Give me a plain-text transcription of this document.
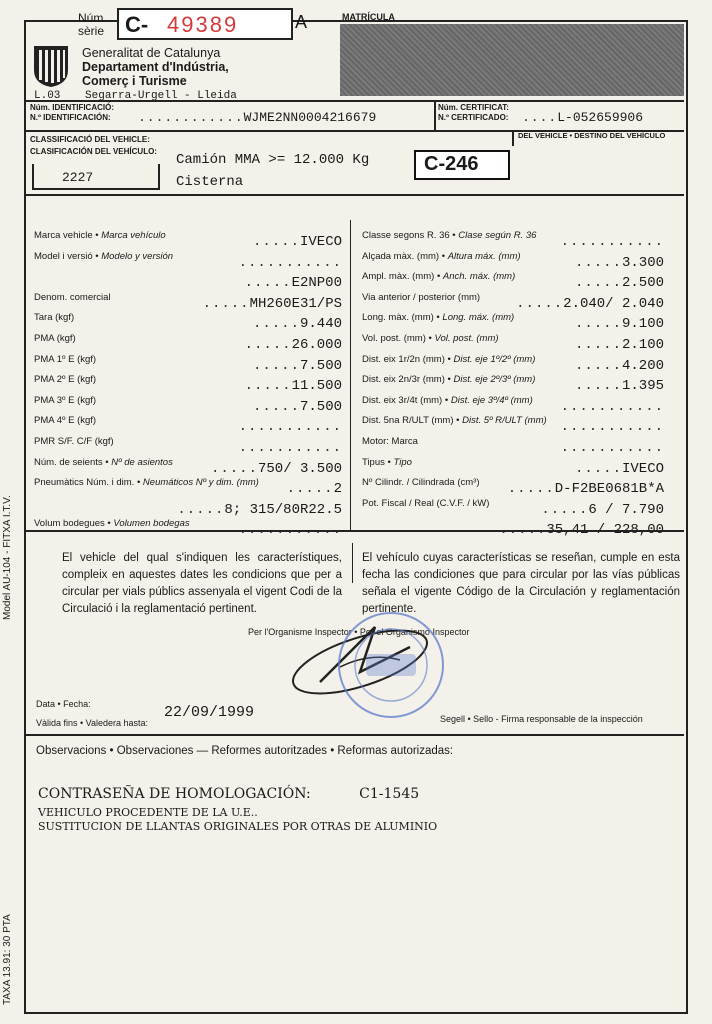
Model AU-104 - FITXA I.T.V.
TAXA 13.91: 30 PTA
Núm. sèrie C- 49389	A	MATRÍCULA
Generalitat de Catalunya
Departament d'Indústria,
Comerç i Turisme
L.03 Segarra-Urgell - Lleida
Núm. IDENTIFICACIÓ:
N.º IDENTIFICACIÓN: ............WJME2NN0004216679
Núm. CERTIFICAT:
N.º CERTIFICADO: ....L-052659906
CLASSIFICACIÓ DEL VEHICLE:
CLASIFICACIÓN DEL VEHÍCULO:
2227
Camión MMA >= 12.000 Kg
Cisterna
C-246
DEL VEHICLE • DESTINO DEL VEHÍCULO
Marca vehicle • Marca vehículo	.....IVECO
Model i versió • Modelo y versión	...........
.....E2NP00
Denom. comercial	.....MH260E31/PS
Tara (kgf)	.....9.440
PMA (kgf)	.....26.000
PMA 1º E (kgf)	.....7.500
PMA 2º E (kgf)	.....11.500
PMA 3º E (kgf)	.....7.500
PMA 4º E (kgf)	...........
PMR S/F. C/F (kgf)	...........
Núm. de seients • Nº de asientos	.....750/ 3.500
Pneumàtics Núm. i dim. • Neumáticos Nº y dim. (mm) .....2
.....8; 315/80R22.5
Volum bodegues • Volumen bodegas	...........
Classe segons R. 36 • Clase según R. 36 ...........
Alçada màx. (mm) • Altura máx. (mm)	.....3.300
Ampl. màx. (mm) • Anch. máx. (mm)	.....2.500
Via anterior / posterior (mm)	.....2.040/ 2.040
Long. màx. (mm) • Long. máx. (mm)	.....9.100
Vol. post. (mm) • Vol. post. (mm)	.....2.100
Dist. eix 1r/2n (mm) • Dist. eje 1º/2º (mm)	.....4.200
Dist. eix 2n/3r (mm) • Dist. eje 2º/3º (mm)	.....1.395
Dist. eix 3r/4t (mm) • Dist. eje 3º/4º (mm) ...........
Dist. 5na R/ULT (mm) • Dist. 5º R/ULT (mm) ...........
Motor: Marca	...........
Tipus • Tipo	.....IVECO
Nº Cilindr. / Cilindrada (cm³) .....D-F2BE0681B*A
Pot. Fiscal / Real (C.V.F. / kW)	.....6 / 7.790
.....35,41 / 228,00
El vehicle del qual s'indiquen les característiques, compleix en aquestes dates les condicions que per a circular per vials públics assenyala el vigent Codi de la Circulació i la reglamentació pertinent.
El vehículo cuyas características se reseñan, cumple en esta fecha las condiciones que para circular por las vías públicas señala el vigente Código de la Circulación y reglamentación pertinente.
Per l'Organisme Inspector • Por el Organismo Inspector
Data • Fecha:
Vàlida fins • Valedera hasta:
22/09/1999	Segell • Sello - Firma responsable de la inspección
Observacions • Observaciones — Reformes autoritzades • Reformas autorizadas:
CONTRASEÑA DE HOMOLOGACIÓN:	C1-1545
VEHICULO PROCEDENTE DE LA U.E..
SUSTITUCION DE LLANTAS ORIGINALES POR OTRAS DE ALUMINIO
